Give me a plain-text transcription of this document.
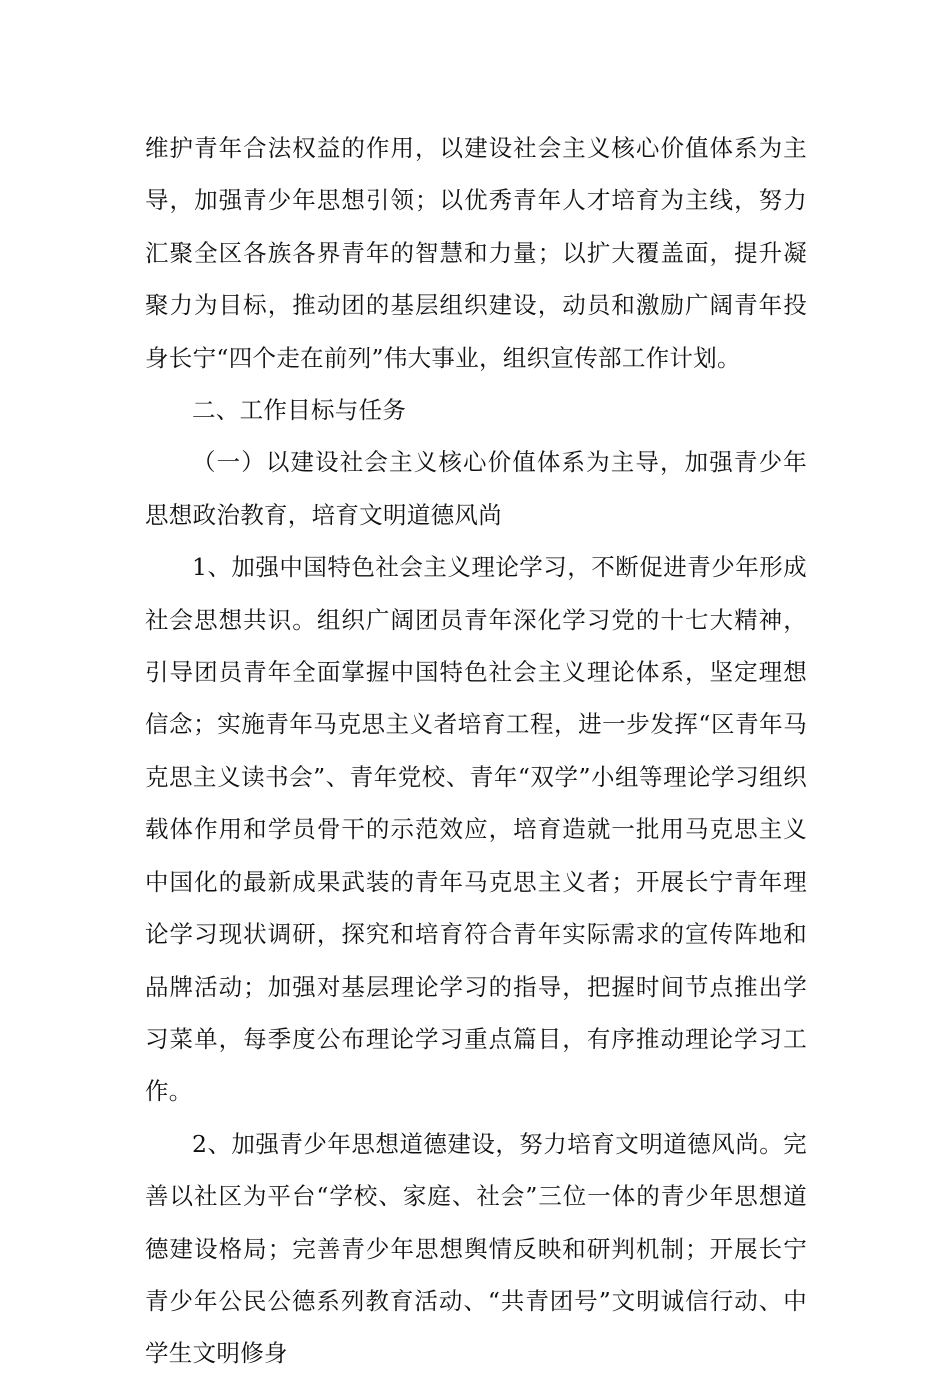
维护青年合法权益的作用，以建设社会主义核心价值体系为主导，加强青少年思想引领；以优秀青年人才培育为主线，努力汇聚全区各族各界青年的智慧和力量；以扩大覆盖面，提升凝聚力为目标，推动团的基层组织建设，动员和激励广阔青年投身长宁“四个走在前列”伟大事业，组织宣传部工作计划。

二、工作目标与任务

（一）以建设社会主义核心价值体系为主导，加强青少年思想政治教育，培育文明道德风尚

1、加强中国特色社会主义理论学习，不断促进青少年形成社会思想共识。组织广阔团员青年深化学习党的十七大精神，引导团员青年全面掌握中国特色社会主义理论体系，坚定理想信念；实施青年马克思主义者培育工程，进一步发挥“区青年马克思主义读书会”、青年党校、青年“双学”小组等理论学习组织载体作用和学员骨干的示范效应，培育造就一批用马克思主义中国化的最新成果武装的青年马克思主义者；开展长宁青年理论学习现状调研，探究和培育符合青年实际需求的宣传阵地和品牌活动；加强对基层理论学习的指导，把握时间节点推出学习菜单，每季度公布理论学习重点篇目，有序推动理论学习工作。

2、加强青少年思想道德建设，努力培育文明道德风尚。完善以社区为平台“学校、家庭、社会”三位一体的青少年思想道德建设格局；完善青少年思想舆情反映和研判机制；开展长宁青少年公民公德系列教育活动、“共青团号”文明诚信行动、中学生文明修身
